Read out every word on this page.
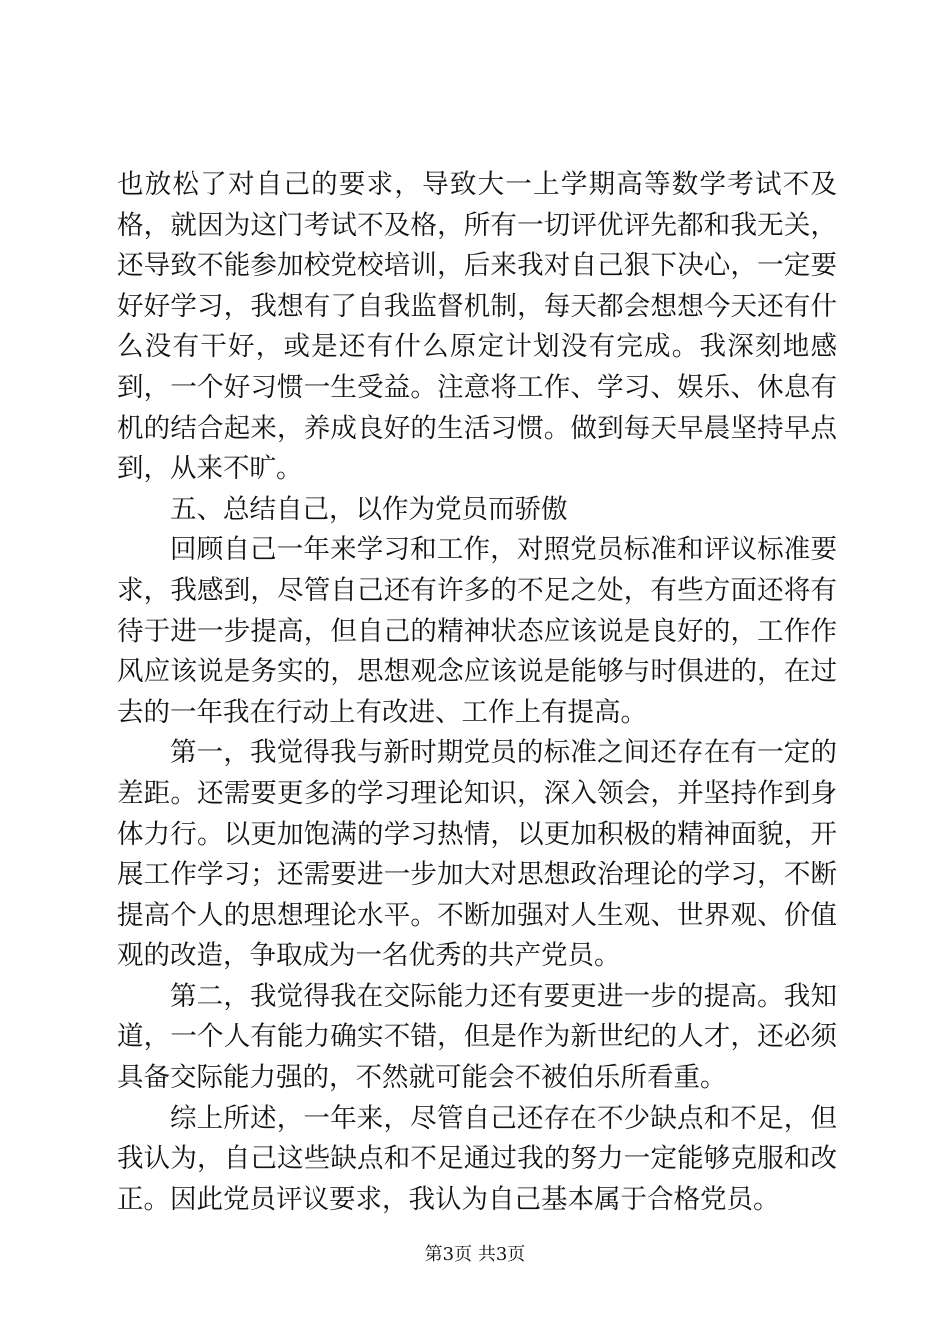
也放松了对自己的要求，导致大一上学期高等数学考试不及格，就因为这门考试不及格，所有一切评优评先都和我无关，还导致不能参加校党校培训，后来我对自己狠下决心，一定要好好学习，我想有了自我监督机制，每天都会想想今天还有什么没有干好，或是还有什么原定计划没有完成。我深刻地感到，一个好习惯一生受益。注意将工作、学习、娱乐、休息有机的结合起来，养成良好的生活习惯。做到每天早晨坚持早点到，从来不旷。

五、总结自己，以作为党员而骄傲

回顾自己一年来学习和工作，对照党员标准和评议标准要求，我感到，尽管自己还有许多的不足之处，有些方面还将有待于进一步提高，但自己的精神状态应该说是良好的，工作作风应该说是务实的，思想观念应该说是能够与时俱进的，在过去的一年我在行动上有改进、工作上有提高。

第一，我觉得我与新时期党员的标准之间还存在有一定的差距。还需要更多的学习理论知识，深入领会，并坚持作到身体力行。以更加饱满的学习热情，以更加积极的精神面貌，开展工作学习；还需要进一步加大对思想政治理论的学习，不断提高个人的思想理论水平。不断加强对人生观、世界观、价值观的改造，争取成为一名优秀的共产党员。

第二，我觉得我在交际能力还有要更进一步的提高。我知道，一个人有能力确实不错，但是作为新世纪的人才，还必须具备交际能力强的，不然就可能会不被伯乐所看重。

综上所述，一年来，尽管自己还存在不少缺点和不足，但我认为，自己这些缺点和不足通过我的努力一定能够克服和改正。因此党员评议要求，我认为自己基本属于合格党员。

第3页 共3页
